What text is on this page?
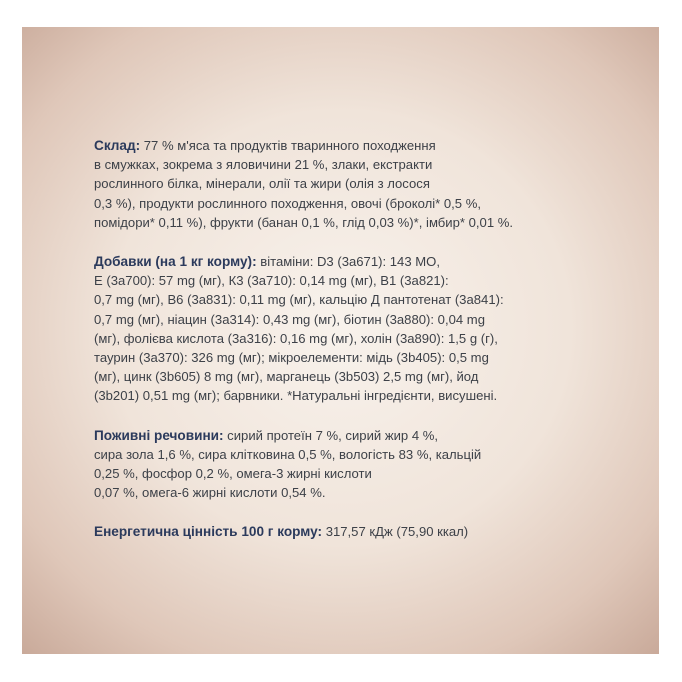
Склад: 77 % м'яса та продуктів тваринного походження
в смужках, зокрема з яловичини 21 %, злаки, екстракти
рослинного білка, мінерали, олії та жири (олія з лосося
0,3 %), продукти рослинного походження, овочі (броколі* 0,5 %,
помідори* 0,11 %), фрукти (банан 0,1 %, глід 0,03 %)*, імбир* 0,01 %.

Добавки (на 1 кг корму): вітаміни: D3 (3a671): 143 МО,
Е (3a700): 57 mg (мг), К3 (3a710): 0,14 mg (мг), В1 (3a821):
0,7 mg (мг), В6 (3a831): 0,11 mg (мг), кальцію Д пантотенат (3a841):
0,7 mg (мг), ніацин (3a314): 0,43 mg (мг), біотин (3a880): 0,04 mg
(мг), фолієва кислота (3a316): 0,16 mg (мг), холін (3a890): 1,5 g (г),
таурин (3a370): 326 mg (мг); мікроелементи: мідь (3b405): 0,5 mg
(мг), цинк (3b605) 8 mg (мг), марганець (3b503) 2,5 mg (мг), йод
(3b201) 0,51 mg (мг); барвники. *Натуральні інгредієнти, висушені.

Поживні речовини: сирий протеїн 7 %, сирий жир 4 %,
сира зола 1,6 %, сира клітковина 0,5 %, вологість 83 %, кальцій
0,25 %, фосфор 0,2 %, омега-3 жирні кислоти
0,07 %, омега-6 жирні кислоти 0,54 %.

Енергетична цінність 100 г корму: 317,57 кДж (75,90 ккал)
